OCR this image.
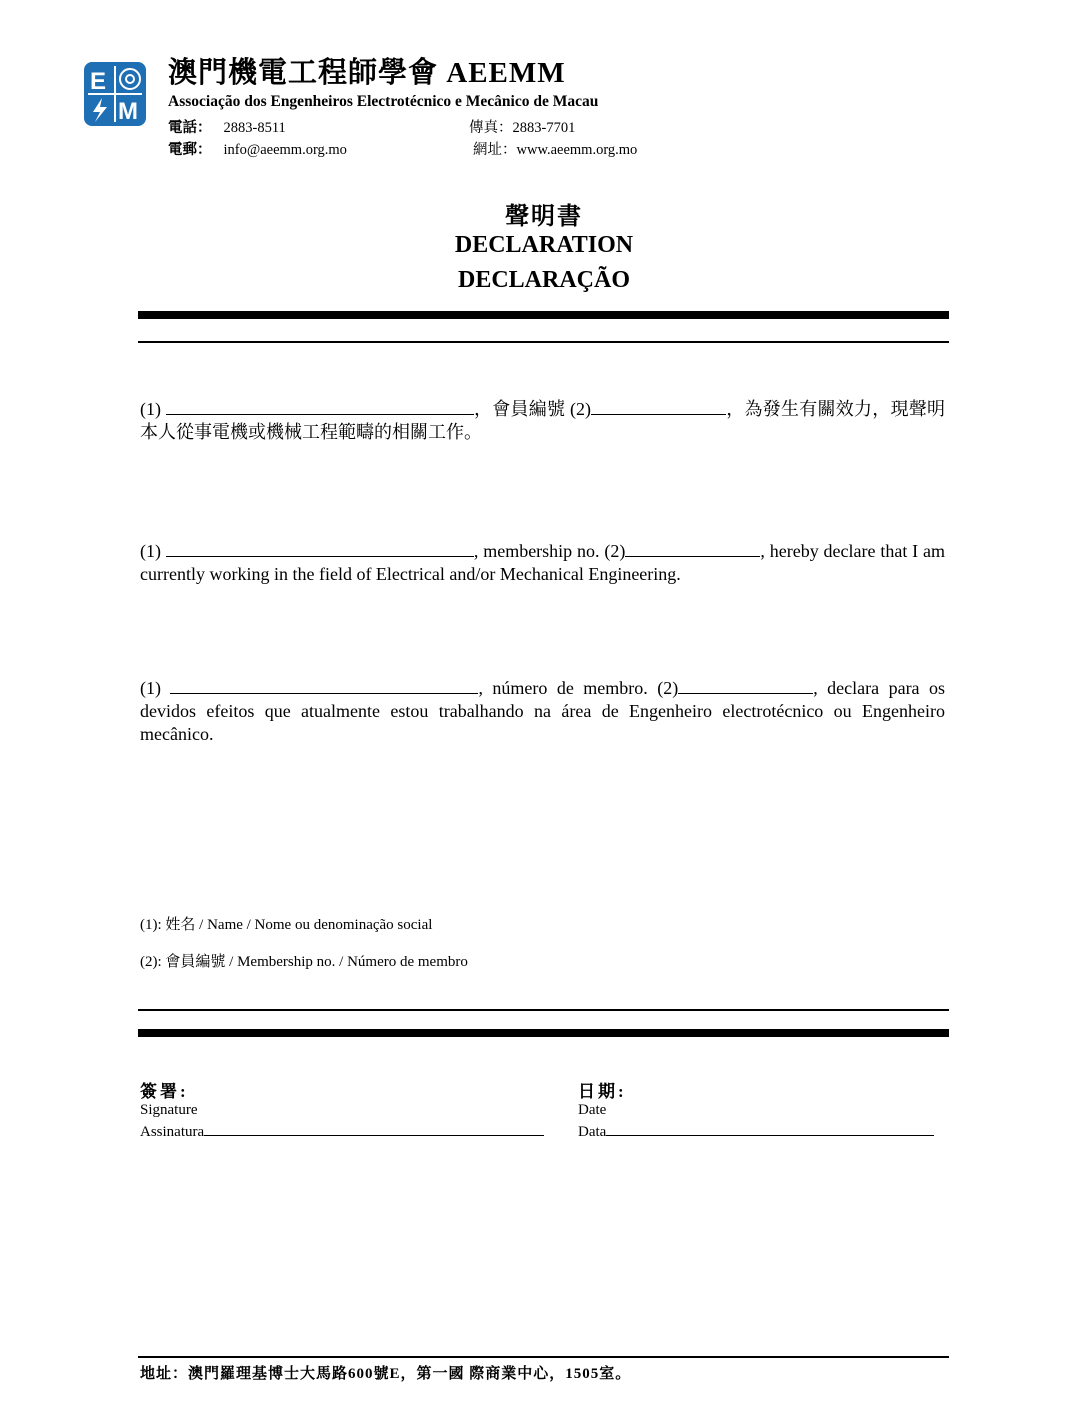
E
M
澳門機電工程師學會 AEEMM
Associação dos Engenheiros Electrotécnico e Mecânico de Macau
電話： 2883-8511	傳真：2883-7701
電郵： info@aeemm.org.mo	網址：www.aeemm.org.mo
聲明書
DECLARATION
DECLARAÇÃO
(1)	，會員編號 (2)	，為發生有關效力，現聲明本人從事電機或機械工程範疇的相關工作。
(1)	, membership no. (2)	, hereby declare that I am currently working in the field of Electrical and/or Mechanical Engineering.
(1)	, número de membro. (2)	, declara para os devidos efeitos que atualmente estou trabalhando na área de Engenheiro electrotécnico ou Engenheiro mecânico.
(1): 姓名 / Name / Nome ou denominação social
(2): 會員編號 / Membership no. / Número de membro
簽署:
Signature
Assinatura
日期:
Date
Data
地址：澳門羅理基博士大馬路600號E，第一國 際商業中心，1505室。
